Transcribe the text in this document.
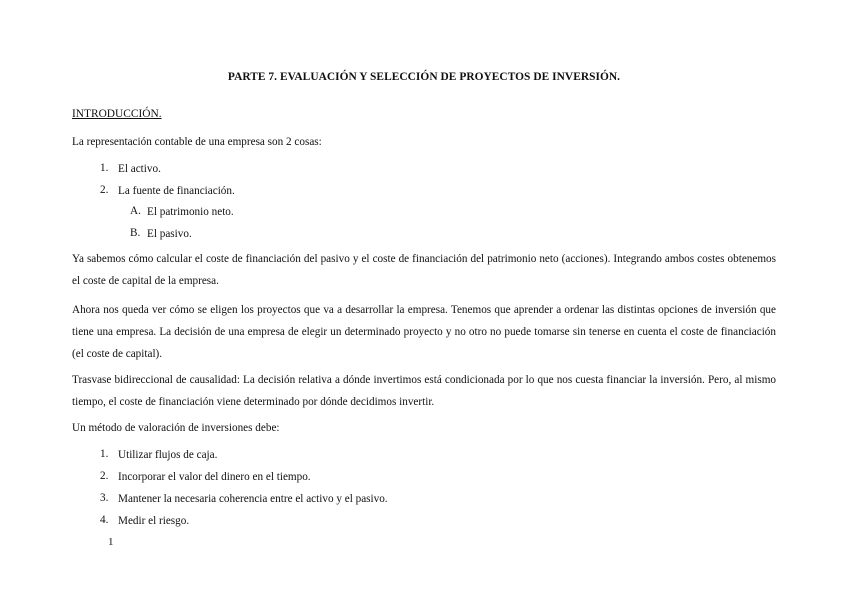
PARTE 7. EVALUACIÓN Y SELECCIÓN DE PROYECTOS DE INVERSIÓN.
INTRODUCCIÓN.
La representación contable de una empresa son 2 cosas:
1. El activo.
2. La fuente de financiación.
A. El patrimonio neto.
B. El pasivo.
Ya sabemos cómo calcular el coste de financiación del pasivo y el coste de financiación del patrimonio neto (acciones). Integrando ambos costes obtenemos el coste de capital de la empresa.
Ahora nos queda ver cómo se eligen los proyectos que va a desarrollar la empresa. Tenemos que aprender a ordenar las distintas opciones de inversión que tiene una empresa. La decisión de una empresa de elegir un determinado proyecto y no otro no puede tomarse sin tenerse en cuenta el coste de financiación (el coste de capital).
Trasvase bidireccional de causalidad: La decisión relativa a dónde invertimos está condicionada por lo que nos cuesta financiar la inversión. Pero, al mismo tiempo, el coste de financiación viene determinado por dónde decidimos invertir.
Un método de valoración de inversiones debe:
1. Utilizar flujos de caja.
2. Incorporar el valor del dinero en el tiempo.
3. Mantener la necesaria coherencia entre el activo y el pasivo.
4. Medir el riesgo.
1
